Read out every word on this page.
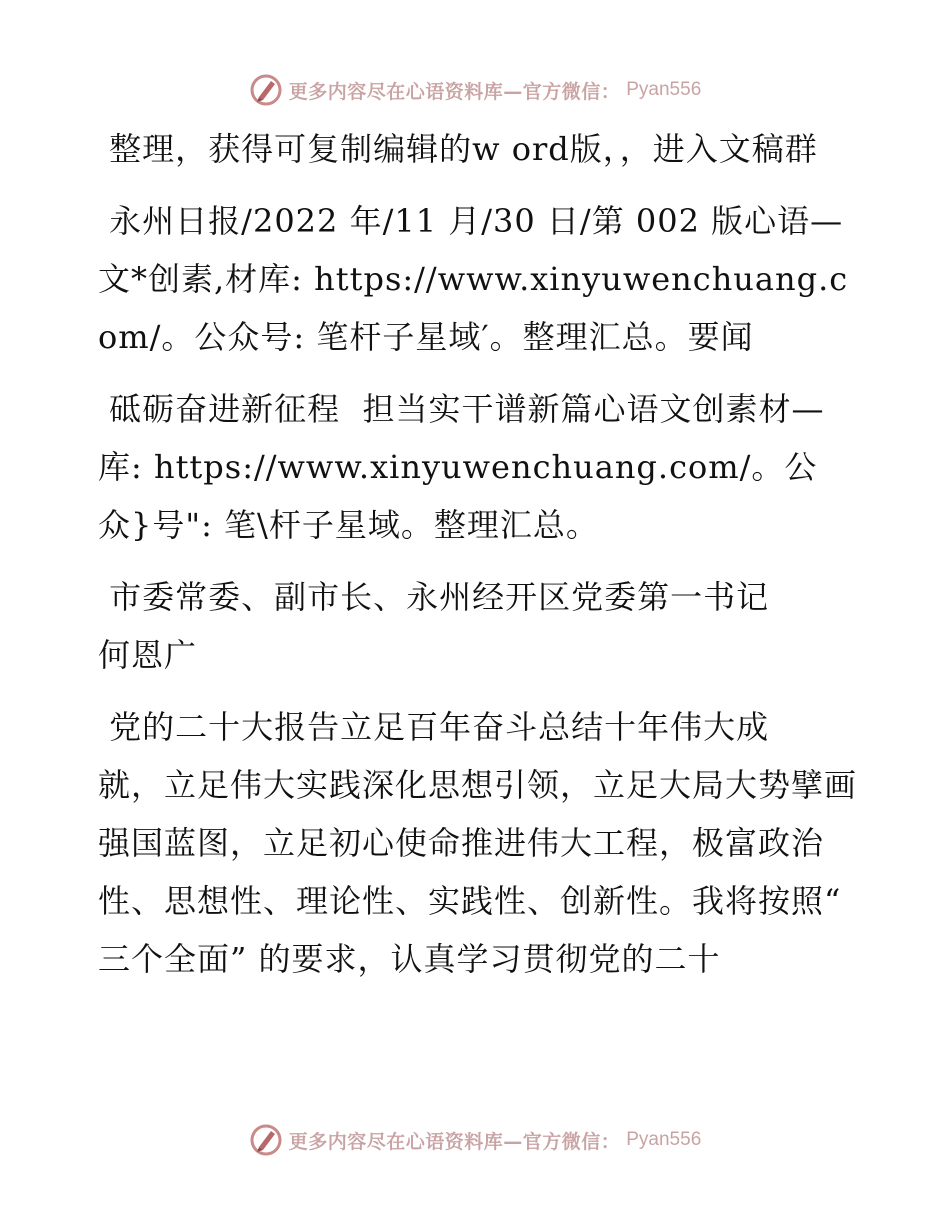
更多内容尽在心语资料库—官方微信： Pyan556

整理，获得可复制编辑的w ord版，，进入文稿群

永州日报/2022 年/11 月/30 日/第 002 版心语—文*创素,材库: https://www.xinyuwenchuang.com/。公众号: 笔杆子星域′。整理汇总。要闻

砥砺奋进新征程  担当实干谱新篇心语文创素材—库: https://www.xinyuwenchuang.com/。公众}号": 笔\杆子星域。整理汇总。

市委常委、副市长、永州经开区党委第一书记
何恩广

党的二十大报告立足百年奋斗总结十年伟大成
就，立足伟大实践深化思想引领，立足大局大势擘画强国蓝图，立足初心使命推进伟大工程，极富政治性、思想性、理论性、实践性、创新性。我将按照“ 三个全面” 的要求，认真学习贯彻党的二十

更多内容尽在心语资料库—官方微信： Pyan556
